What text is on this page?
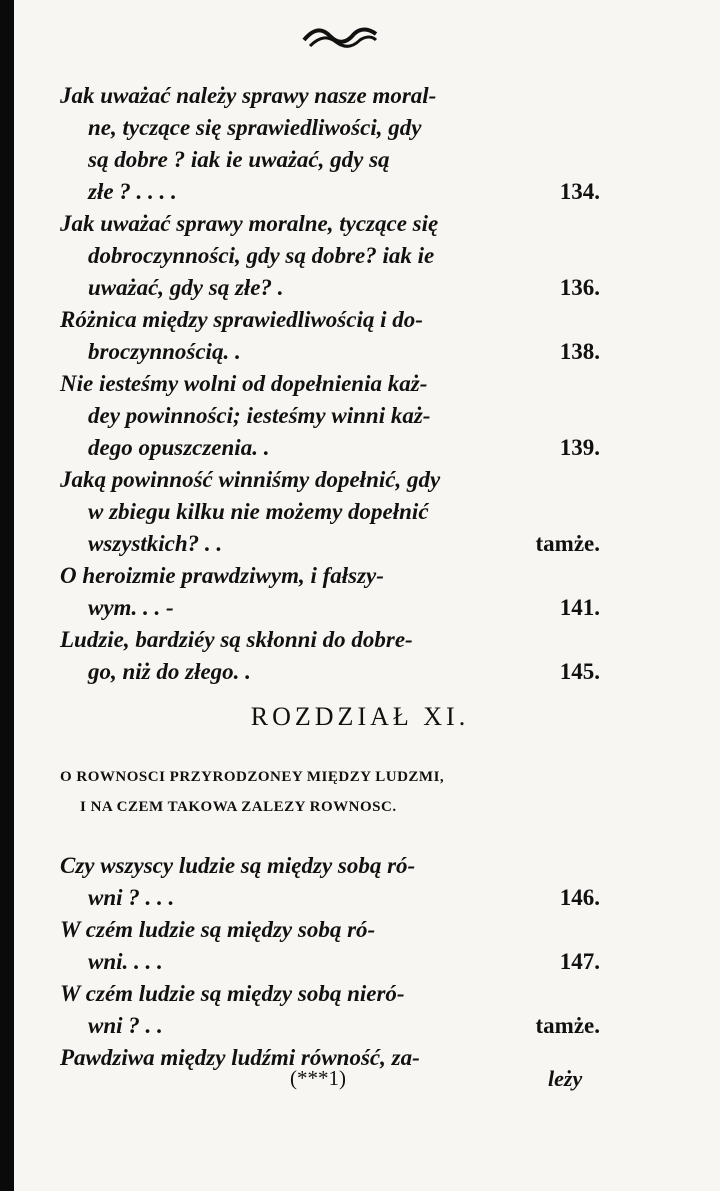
Jak uważać należy sprawy nasze moral-
ne, tyczące się sprawiedliwości, gdy
są dobre ? iak ie uważać, gdy są
złe ? . . . .	134.
Jak uważać sprawy moralne, tyczące się
dobroczynności, gdy są dobre? iak ie
uważać, gdy są złe? .	136.
Różnica między sprawiedliwością i do-
broczynnością. .	138.
Nie iesteśmy wolni od dopełnienia każ-
dey powinności; iesteśmy winni każ-
dego opuszczenia. .	139.
Jaką powinność winniśmy dopełnić, gdy
w zbiegu kilku nie możemy dopełnić
wszystkich? . .	tamże.
O heroizmie prawdziwym, i fałszy-
wym. . . -	141.
Ludzie, bardziéy są skłonni do dobre-
go, niż do złego. .	145.
ROZDZIAŁ XI.
O ROWNOSCI PRZYRODZONEY MIĘDZY LUDZMI,
I NA CZEM TAKOWA ZALEZY ROWNOSC.
Czy wszyscy ludzie są między sobą ró-
wni ? . . .	146.
W czém ludzie są między sobą ró-
wni. . . .	147.
W czém ludzie są między sobą nieró-
wni ? . .	tamże.
Pawdziwa między ludźmi równość, za-
(***1)	leży
